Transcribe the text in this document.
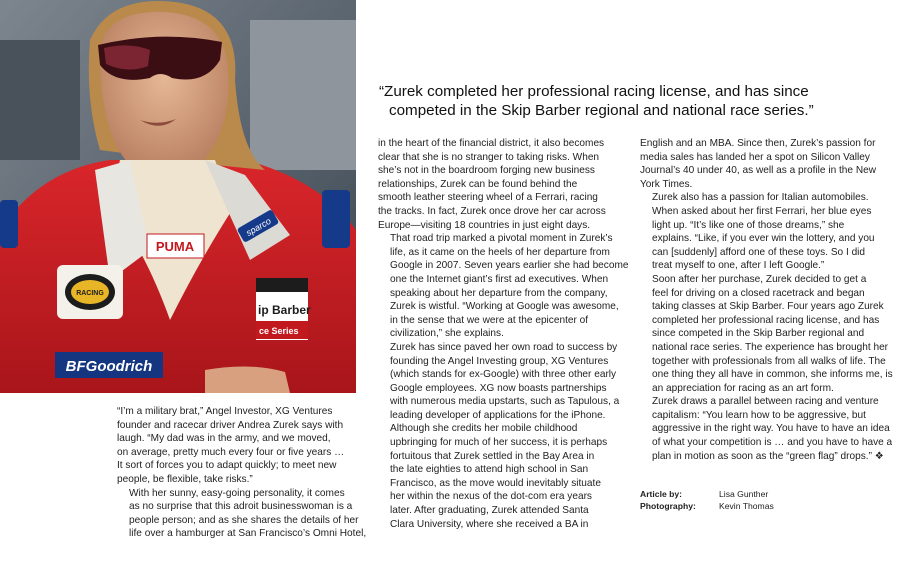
RACING
PUMA
sparco
ip Barber
ce Series
BFGoodrich

“Zurek completed her professional racing license, and has since

competed in the Skip Barber regional and national race series.”

“I’m a military brat,” Angel Investor, XG Ventures
founder and racecar driver Andrea Zurek says with
laugh. “My dad was in the army, and we moved,
on average, pretty much every four or five years …
It sort of forces you to adapt quickly; to meet new
people, be flexible, take risks.”

With her sunny, easy-going personality, it comes
as no surprise that this adroit businesswoman is a
people person; and as she shares the details of her
life over a hamburger at San Francisco’s Omni Hotel,

in the heart of the financial district, it also becomes
clear that she is no stranger to taking risks. When
she’s not in the boardroom forging new business
relationships, Zurek can be found behind the
smooth leather steering wheel of a Ferrari, racing
the tracks. In fact, Zurek once drove her car across
Europe—visiting 18 countries in just eight days.

That road trip marked a pivotal moment in Zurek’s
life, as it came on the heels of her departure from
Google in 2007. Seven years earlier she had become
one the Internet giant’s first ad executives. When
speaking about her departure from the company,
Zurek is wistful. “Working at Google was awesome,
in the sense that we were at the epicenter of
civilization,” she explains.

Zurek has since paved her own road to success by
founding the Angel Investing group, XG Ventures
(which stands for ex-Google) with three other early
Google employees. XG now boasts partnerships
with numerous media upstarts, such as Tapulous, a
leading developer of applications for the iPhone.

Although she credits her mobile childhood
upbringing for much of her success, it is perhaps
fortuitous that Zurek settled in the Bay Area in
the late eighties to attend high school in San
Francisco, as the move would inevitably situate
her within the nexus of the dot-com era years
later. After graduating, Zurek attended Santa
Clara University, where she received a BA in

English and an MBA. Since then, Zurek’s passion for
media sales has landed her a spot on Silicon Valley
Journal’s 40 under 40, as well as a profile in the New
York Times.

Zurek also has a passion for Italian automobiles.
When asked about her first Ferrari, her blue eyes
light up. “It’s like one of those dreams,” she
explains. “Like, if you ever win the lottery, and you
can [suddenly] afford one of these toys. So I did
treat myself to one, after I left Google.”

Soon after her purchase, Zurek decided to get a
feel for driving on a closed racetrack and began
taking classes at Skip Barber. Four years ago Zurek
completed her professional racing license, and has
since competed in the Skip Barber regional and
national race series. The experience has brought her
together with professionals from all walks of life. The
one thing they all have in common, she informs me, is
an appreciation for racing as an art form.

Zurek draws a parallel between racing and venture
capitalism: “You learn how to be aggressive, but
aggressive in the right way. You have to have an idea
of what your competition is … and you have to have a
plan in motion as soon as the “green flag” drops.” ❖

Article by:	Lisa Gunther
Photography:	Kevin Thomas
